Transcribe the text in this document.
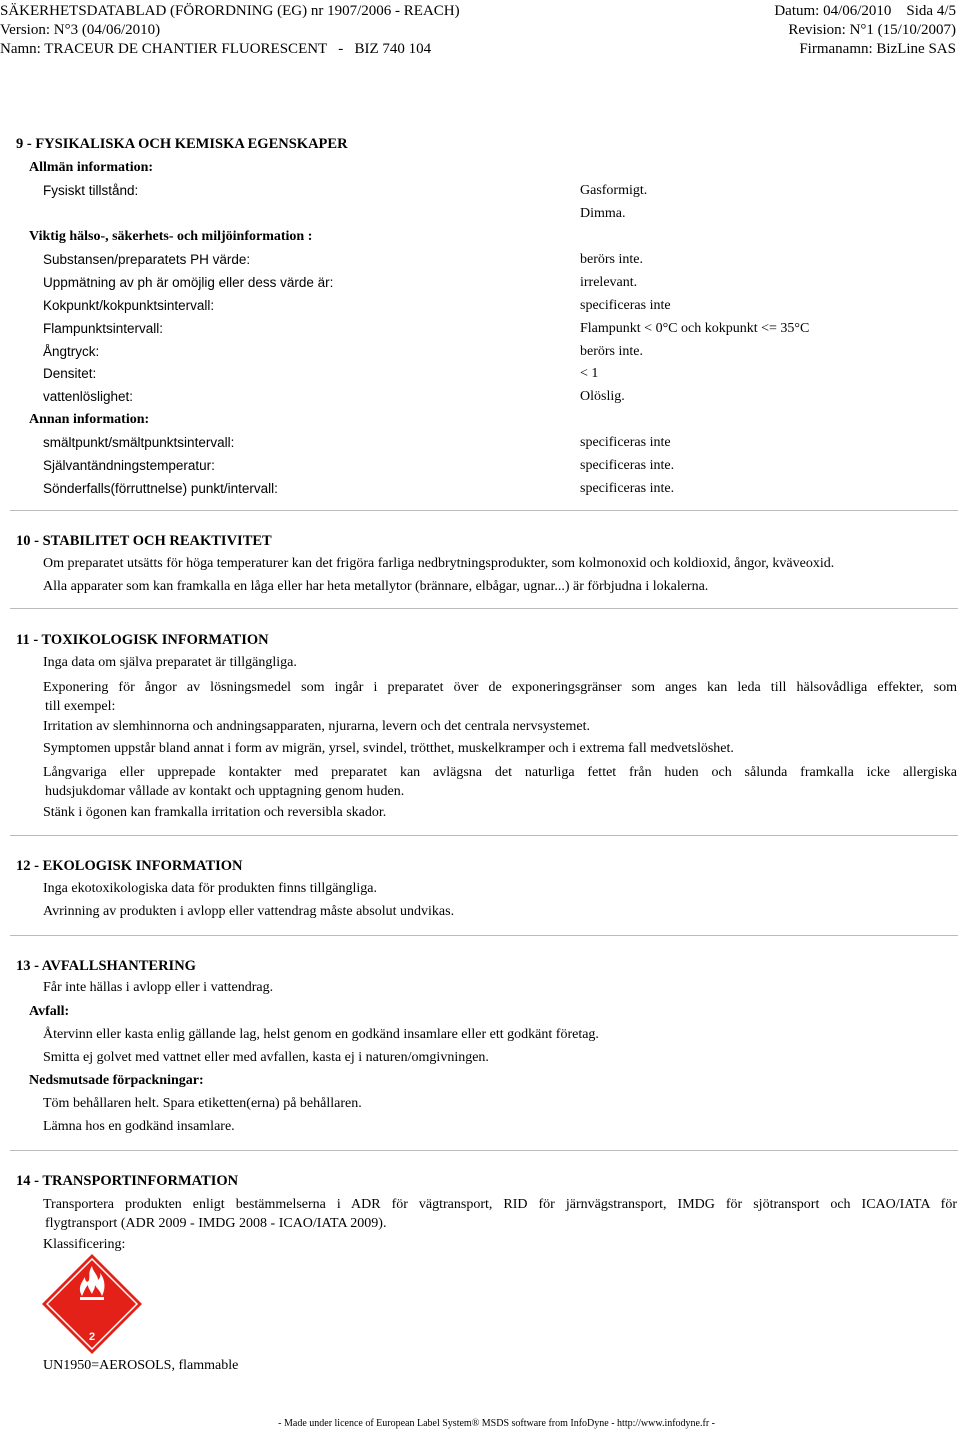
SÄKERHETSDATABLAD (FÖRORDNING (EG) nr 1907/2006 - REACH)
Version: N°3 (04/06/2010)
Namn: TRACEUR DE CHANTIER FLUORESCENT   -   BIZ 740 104
Datum: 04/06/2010    Sida 4/5
Revision: N°1 (15/10/2007)
Firmanamn: BizLine SAS
9 - FYSIKALISKA OCH KEMISKA EGENSKAPER
Allmän information:
Fysiskt tillstånd:	Gasformigt.
Dimma.
Viktig hälso-, säkerhets- och miljöinformation :
Substansen/preparatets PH värde:	berörs inte.
Uppmätning av ph är omöjlig eller dess värde är:	irrelevant.
Kokpunkt/kokpunktsintervall:	specificeras inte
Flampunktsintervall:	Flampunkt < 0°C och kokpunkt <= 35°C
Ångtryck:	berörs inte.
Densitet:	< 1
vattenlöslighet:	Olöslig.
Annan information:
smältpunkt/smältpunktsintervall:	specificeras inte
Självantändningstemperatur:	specificeras inte.
Sönderfalls(förruttnelse) punkt/intervall:	specificeras inte.
10 - STABILITET OCH REAKTIVITET
Om preparatet utsätts för höga temperaturer kan det frigöra farliga nedbrytningsprodukter, som kolmonoxid och koldioxid, ångor, kväveoxid.
Alla apparater som kan framkalla en låga eller har heta metallytor (brännare, elbågar, ugnar...) är förbjudna i lokalerna.
11 - TOXIKOLOGISK INFORMATION
Inga data om själva preparatet är tillgängliga.
Exponering för ångor av lösningsmedel som ingår i preparatet över de exponeringsgränser som anges kan leda till hälsovådliga effekter, som
till exempel:
Irritation av slemhinnorna och andningsapparaten, njurarna, levern och det centrala nervsystemet.
Symptomen uppstår bland annat i form av migrän, yrsel, svindel, trötthet, muskelkramper och i extrema fall medvetslöshet.
Långvariga eller upprepade kontakter med preparatet kan avlägsna det naturliga fettet från huden och sålunda framkalla icke allergiska
hudsjukdomar vållade av kontakt och upptagning genom huden.
Stänk i ögonen kan framkalla irritation och reversibla skador.
12 - EKOLOGISK INFORMATION
Inga ekotoxikologiska data för produkten finns tillgängliga.
Avrinning av produkten i avlopp eller vattendrag måste absolut undvikas.
13 - AVFALLSHANTERING
Får inte hällas i avlopp eller i vattendrag.
Avfall:
Återvinn eller kasta enlig gällande lag, helst genom en godkänd insamlare eller ett godkänt företag.
Smitta ej golvet med vattnet eller med avfallen, kasta ej i naturen/omgivningen.
Nedsmutsade förpackningar:
Töm behållaren helt. Spara etiketten(erna) på behållaren.
Lämna hos en godkänd insamlare.
14 - TRANSPORTINFORMATION
Transportera produkten enligt bestämmelserna i ADR för vägtransport, RID för järnvägstransport, IMDG för sjötransport och ICAO/IATA för
flygtransport (ADR 2009 - IMDG 2008 - ICAO/IATA 2009).
Klassificering:
2
UN1950=AEROSOLS, flammable
- Made under licence of European Label System® MSDS software from InfoDyne - http://www.infodyne.fr -
